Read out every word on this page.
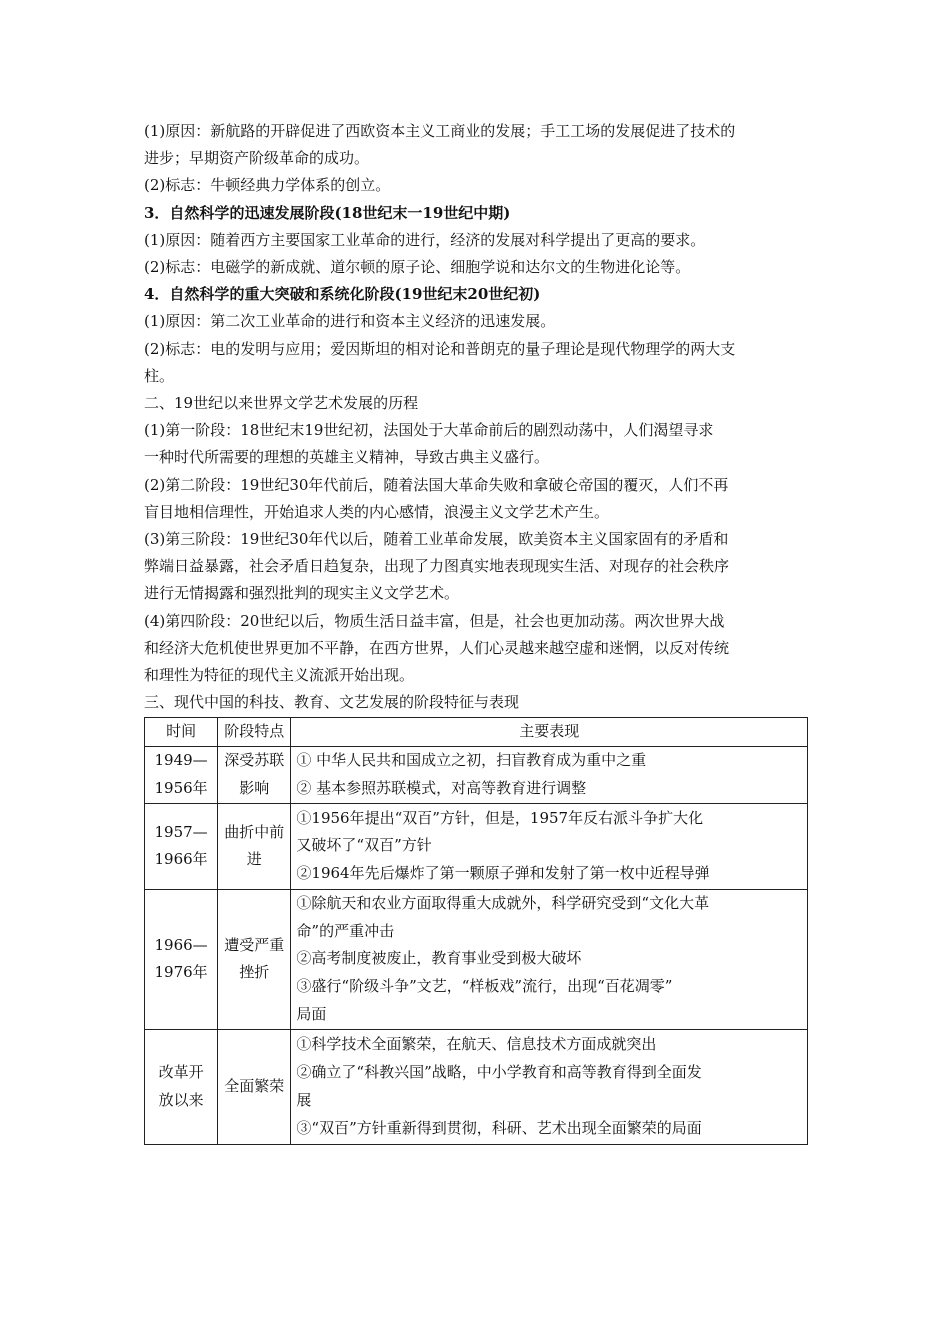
(1)原因：新航路的开辟促进了西欧资本主义工商业的发展；手工工场的发展促进了技术的
进步；早期资产阶级革命的成功。
(2)标志：牛顿经典力学体系的创立。
3．自然科学的迅速发展阶段(18世纪末一19世纪中期)
(1)原因：随着西方主要国家工业革命的进行，经济的发展对科学提出了更高的要求。
(2)标志：电磁学的新成就、道尔顿的原子论、细胞学说和达尔文的生物进化论等。
4．自然科学的重大突破和系统化阶段(19世纪末20世纪初)
(1)原因：第二次工业革命的进行和资本主义经济的迅速发展。
(2)标志：电的发明与应用；爱因斯坦的相对论和普朗克的量子理论是现代物理学的两大支
柱。
二、19世纪以来世界文学艺术发展的历程
(1)第一阶段：18世纪末19世纪初，法国处于大革命前后的剧烈动荡中，人们渴望寻求
一种时代所需要的理想的英雄主义精神，导致古典主义盛行。
(2)第二阶段：19世纪30年代前后，随着法国大革命失败和拿破仑帝国的覆灭，人们不再
盲目地相信理性，开始追求人类的内心感情，浪漫主义文学艺术产生。
(3)第三阶段：19世纪30年代以后，随着工业革命发展，欧美资本主义国家固有的矛盾和
弊端日益暴露，社会矛盾日趋复杂，出现了力图真实地表现现实生活、对现存的社会秩序
进行无情揭露和强烈批判的现实主义文学艺术。
(4)第四阶段：20世纪以后，物质生活日益丰富，但是，社会也更加动荡。两次世界大战
和经济大危机使世界更加不平静，在西方世界，人们心灵越来越空虚和迷惘，以反对传统
和理性为特征的现代主义流派开始出现。
三、现代中国的科技、教育、文艺发展的阶段特征与表现
时间	阶段特点	主要表现

1949—
1956年	深受苏联
影响	① 中华人民共和国成立之初，扫盲教育成为重中之重
② 基本参照苏联模式，对高等教育进行调整

1957—
1966年	曲折中前
进	①1956年提出“双百”方针，但是，1957年反右派斗争扩大化
又破坏了“双百”方针
②1964年先后爆炸了第一颗原子弹和发射了第一枚中近程导弹

1966—
1976年	遭受严重
挫折	①除航天和农业方面取得重大成就外，科学研究受到“文化大革
命”的严重冲击
②高考制度被废止，教育事业受到极大破坏
③盛行“阶级斗争”文艺，“样板戏”流行，出现“百花凋零”
局面

改革开
放以来	全面繁荣	①科学技术全面繁荣，在航天、信息技术方面成就突出
②确立了“科教兴国”战略，中小学教育和高等教育得到全面发
展
③“双百”方针重新得到贯彻，科研、艺术出现全面繁荣的局面
